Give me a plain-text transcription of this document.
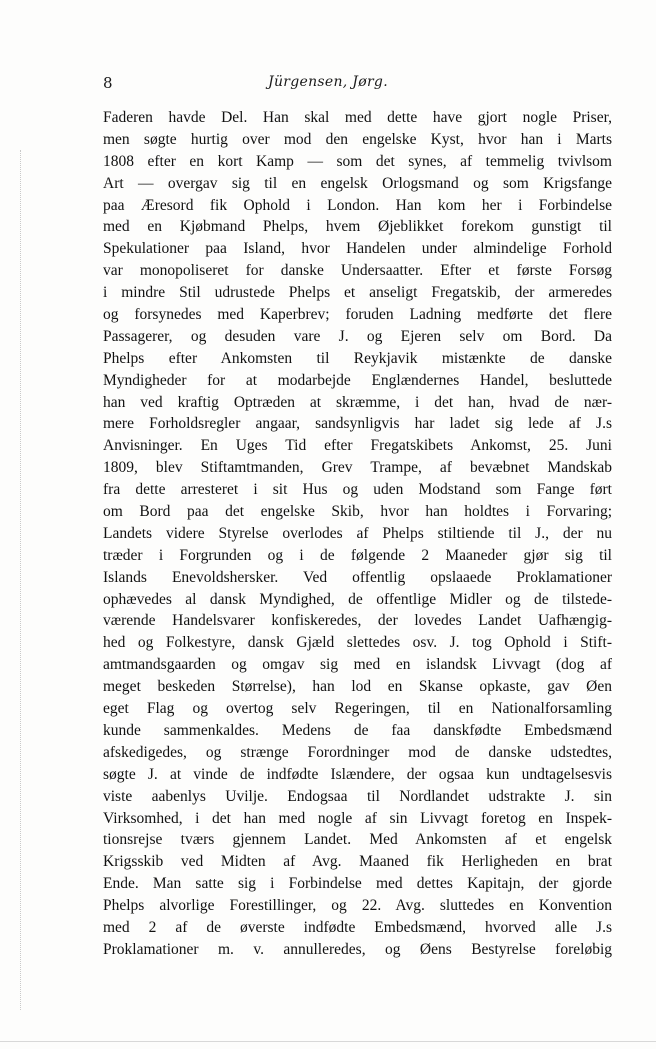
8	Jürgensen, Jørg.
Faderen havde Del. Han skal med dette have gjort nogle Priser,
men søgte hurtig over mod den engelske Kyst, hvor han i Marts
1808 efter en kort Kamp — som det synes, af temmelig tvivlsom
Art — overgav sig til en engelsk Orlogsmand og som Krigsfange
paa Æresord fik Ophold i London. Han kom her i Forbindelse
med en Kjøbmand Phelps, hvem Øjeblikket forekom gunstigt til
Spekulationer paa Island, hvor Handelen under almindelige Forhold
var monopoliseret for danske Undersaatter. Efter et første Forsøg
i mindre Stil udrustede Phelps et anseligt Fregatskib, der armeredes
og forsynedes med Kaperbrev; foruden Ladning medførte det flere
Passagerer, og desuden vare J. og Ejeren selv om Bord. Da
Phelps efter Ankomsten til Reykjavik mistænkte de danske
Myndigheder for at modarbejde Englændernes Handel, besluttede
han ved kraftig Optræden at skræmme, i det han, hvad de nær-
mere Forholdsregler angaar, sandsynligvis har ladet sig lede af J.s
Anvisninger. En Uges Tid efter Fregatskibets Ankomst, 25. Juni
1809, blev Stiftamtmanden, Grev Trampe, af bevæbnet Mandskab
fra dette arresteret i sit Hus og uden Modstand som Fange ført
om Bord paa det engelske Skib, hvor han holdtes i Forvaring;
Landets videre Styrelse overlodes af Phelps stiltiende til J., der nu
træder i Forgrunden og i de følgende 2 Maaneder gjør sig til
Islands Enevoldshersker. Ved offentlig opslaaede Proklamationer
ophævedes al dansk Myndighed, de offentlige Midler og de tilstede-
værende Handelsvarer konfiskeredes, der lovedes Landet Uafhængig-
hed og Folkestyre, dansk Gjæld slettedes osv. J. tog Ophold i Stift-
amtmandsgaarden og omgav sig med en islandsk Livvagt (dog af
meget beskeden Størrelse), han lod en Skanse opkaste, gav Øen
eget Flag og overtog selv Regeringen, til en Nationalforsamling
kunde sammenkaldes. Medens de faa danskfødte Embedsmænd
afskedigedes, og strænge Forordninger mod de danske udstedtes,
søgte J. at vinde de indfødte Islændere, der ogsaa kun undtagelsesvis
viste aabenlys Uvilje. Endogsaa til Nordlandet udstrakte J. sin
Virksomhed, i det han med nogle af sin Livvagt foretog en Inspek-
tionsrejse tværs gjennem Landet. Med Ankomsten af et engelsk
Krigsskib ved Midten af Avg. Maaned fik Herligheden en brat
Ende. Man satte sig i Forbindelse med dettes Kapitajn, der gjorde
Phelps alvorlige Forestillinger, og 22. Avg. sluttedes en Konvention
med 2 af de øverste indfødte Embedsmænd, hvorved alle J.s
Proklamationer m. v. annulleredes, og Øens Bestyrelse foreløbig
